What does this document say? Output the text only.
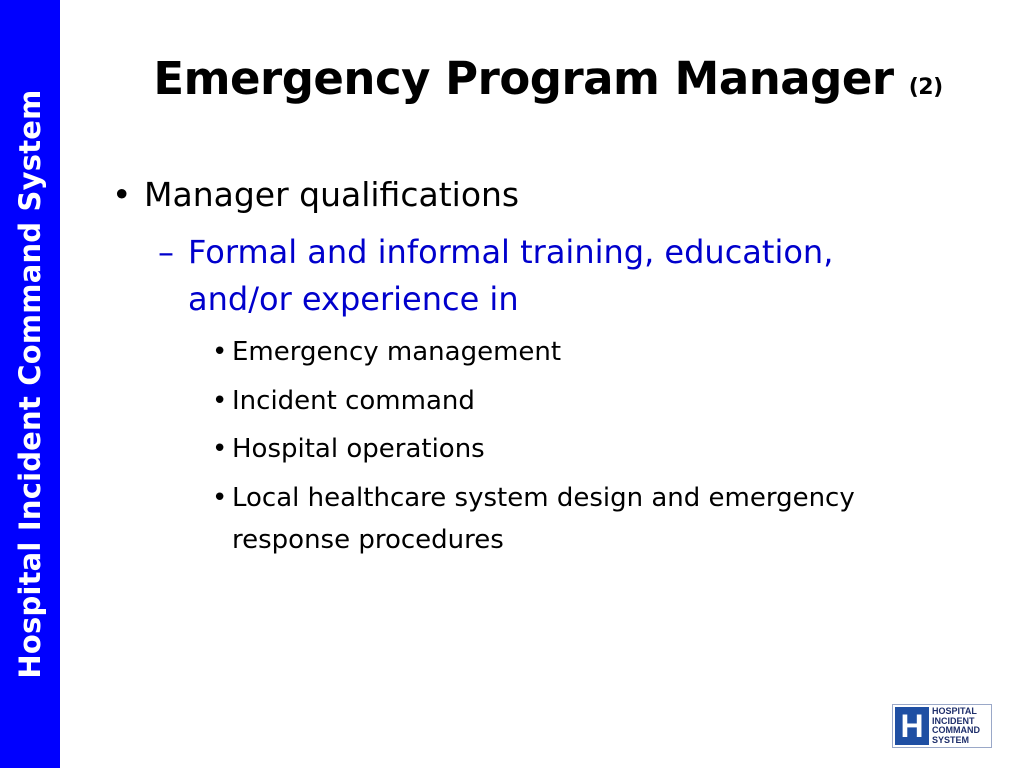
Hospital Incident Command System
Emergency Program Manager (2)
• Manager qualifications
– Formal and informal training, education,
and/or experience in
• Emergency management
• Incident command
• Hospital operations
• Local healthcare system design and emergency
response procedures
H HOSPITAL
INCIDENT
COMMAND
SYSTEM
